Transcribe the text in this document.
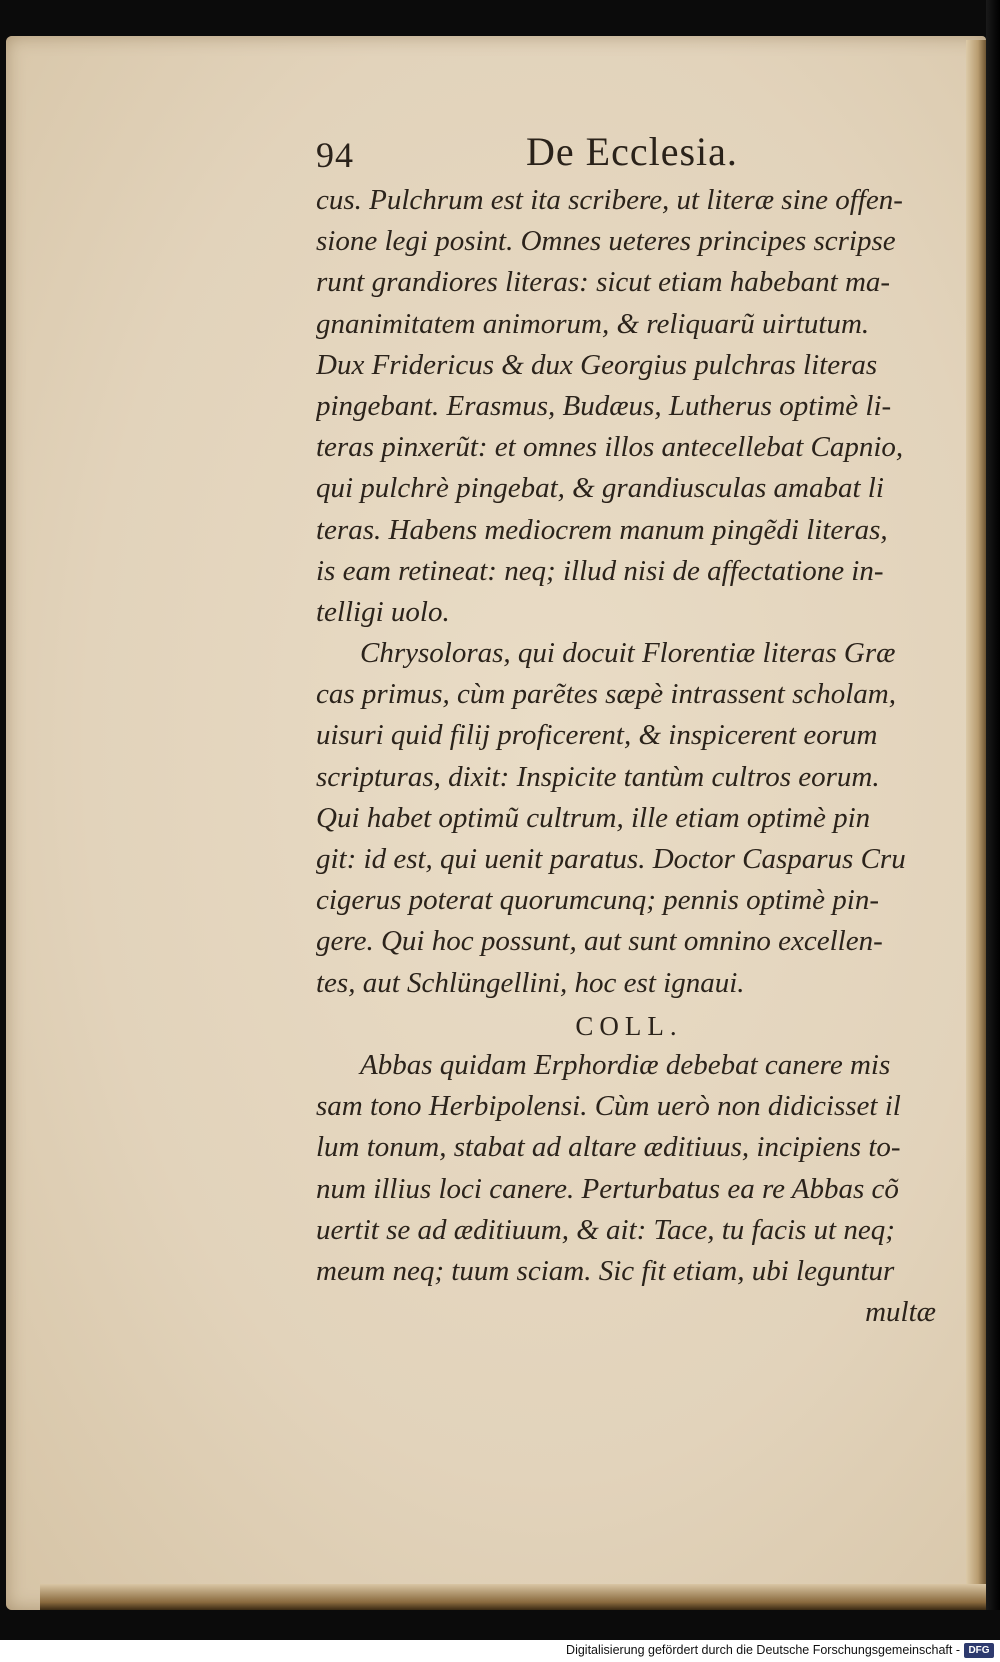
94	De Ecclesia.
cus. Pulchrum est ita scribere, ut literæ sine offen-
sione legi posint. Omnes ueteres principes scripse
runt grandiores literas: sicut etiam habebant ma-
gnanimitatem animorum, & reliquarũ uirtutum.
Dux Fridericus & dux Georgius pulchras literas
pingebant. Erasmus, Budæus, Lutherus optimè li-
teras pinxerũt: et omnes illos antecellebat Capnio,
qui pulchrè pingebat, & grandiusculas amabat li
teras. Habens mediocrem manum pingẽdi literas,
is eam retineat: neq; illud nisi de affectatione in-
telligi uolo.
Chrysoloras, qui docuit Florentiæ literas Græ
cas primus, cùm parẽtes sæpè intrassent scholam,
uisuri quid filij proficerent, & inspicerent eorum
scripturas, dixit: Inspicite tantùm cultros eorum.
Qui habet optimũ cultrum, ille etiam optimè pin
git: id est, qui uenit paratus. Doctor Casparus Cru
cigerus poterat quorumcunq; pennis optimè pin-
gere. Qui hoc possunt, aut sunt omnino excellen-
tes, aut Schlüngellini, hoc est ignaui.
COLL.
Abbas quidam Erphordiæ debebat canere mis
sam tono Herbipolensi. Cùm uerò non didicisset il
lum tonum, stabat ad altare æditiuus, incipiens to-
num illius loci canere. Perturbatus ea re Abbas cõ
uertit se ad æditiuum, & ait: Tace, tu facis ut neq;
meum neq; tuum sciam. Sic fit etiam, ubi leguntur
multæ
Digitalisierung gefördert durch die Deutsche Forschungsgemeinschaft - DFG
